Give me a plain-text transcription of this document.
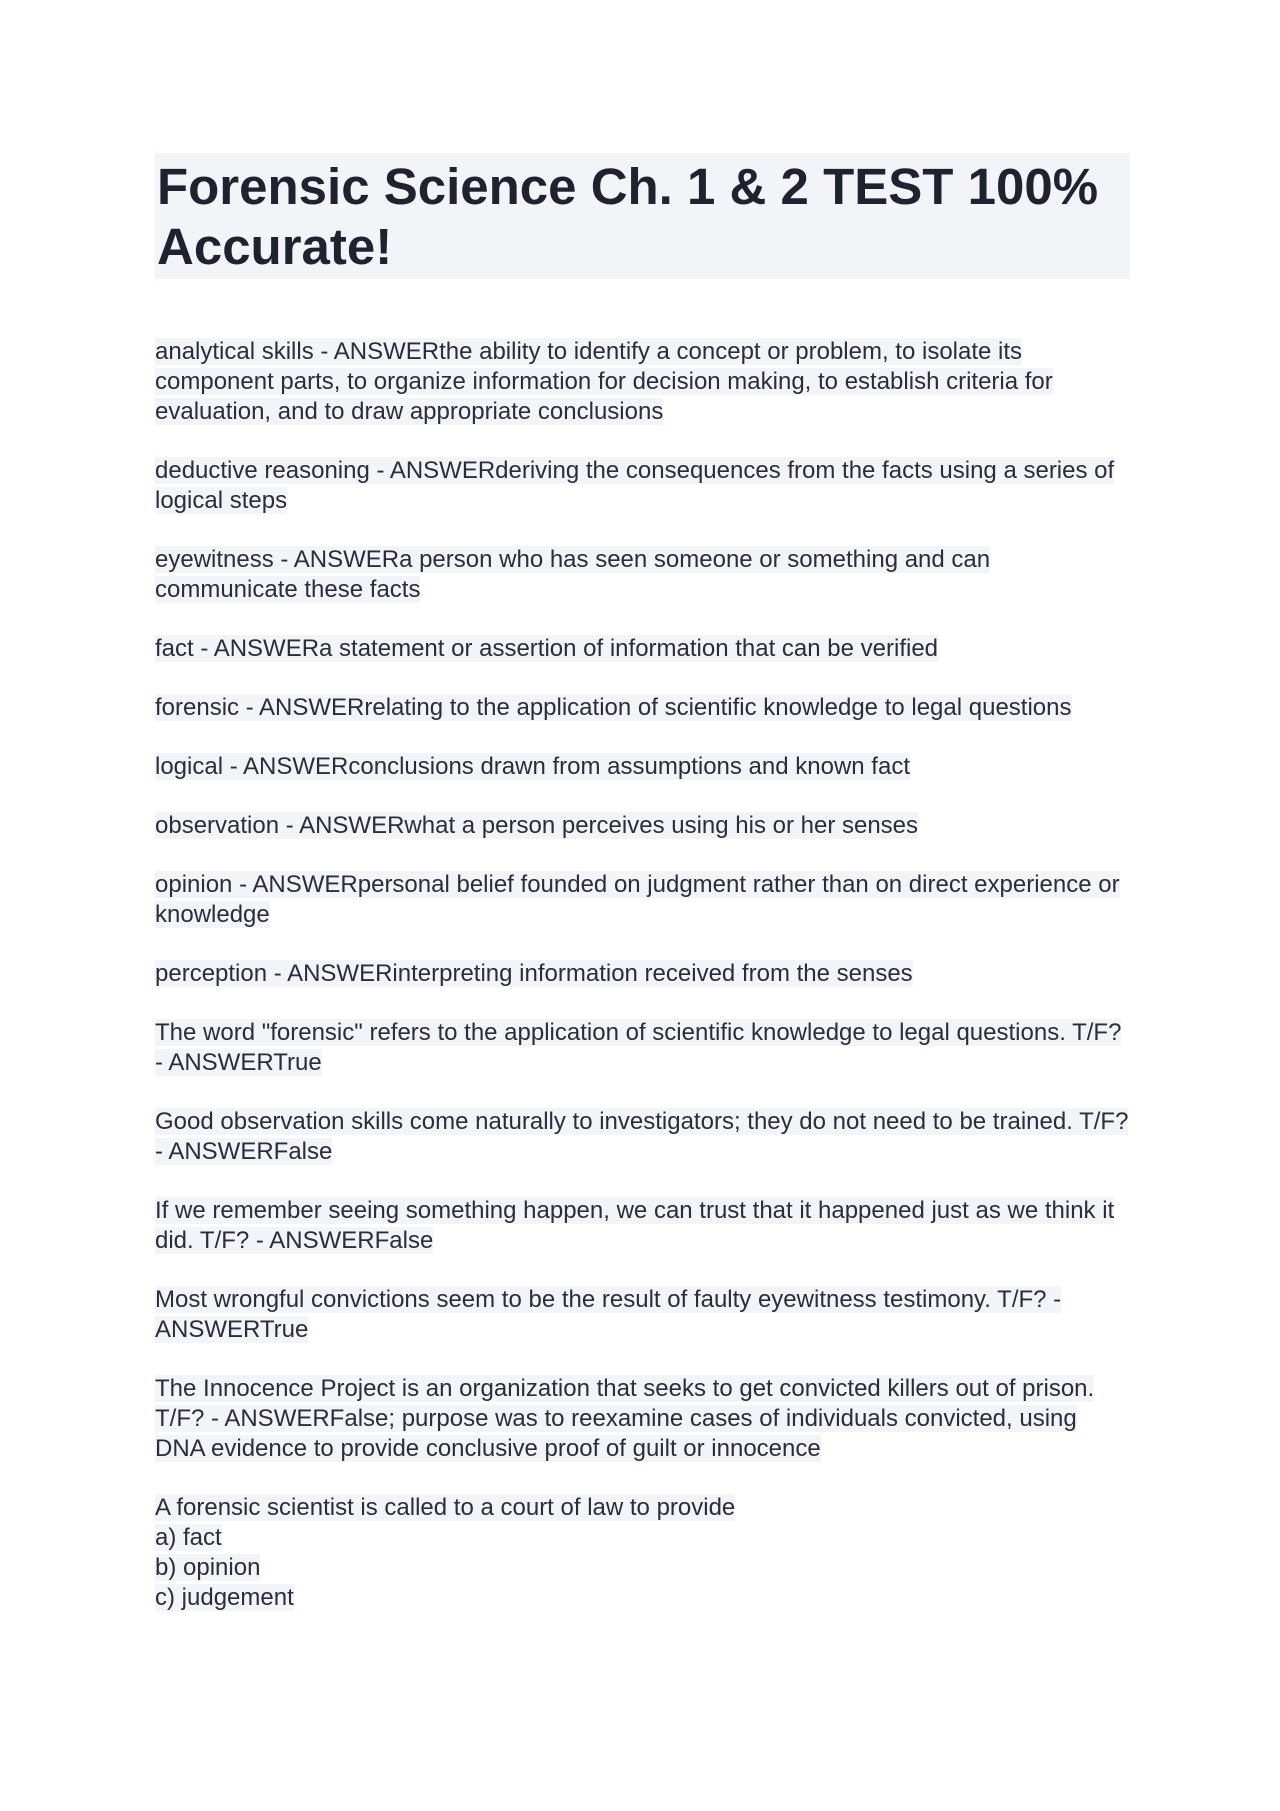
Forensic Science Ch. 1 & 2 TEST 100% Accurate!

analytical skills - ANSWERthe ability to identify a concept or problem, to isolate its component parts, to organize information for decision making, to establish criteria for evaluation, and to draw appropriate conclusions

deductive reasoning - ANSWERderiving the consequences from the facts using a series of logical steps

eyewitness - ANSWERa person who has seen someone or something and can communicate these facts

fact - ANSWERa statement or assertion of information that can be verified

forensic - ANSWERrelating to the application of scientific knowledge to legal questions

logical - ANSWERconclusions drawn from assumptions and known fact

observation - ANSWERwhat a person perceives using his or her senses

opinion - ANSWERpersonal belief founded on judgment rather than on direct experience or knowledge

perception - ANSWERinterpreting information received from the senses

The word "forensic" refers to the application of scientific knowledge to legal questions. T/F? - ANSWERTrue

Good observation skills come naturally to investigators; they do not need to be trained. T/F? - ANSWERFalse

If we remember seeing something happen, we can trust that it happened just as we think it did. T/F? - ANSWERFalse

Most wrongful convictions seem to be the result of faulty eyewitness testimony. T/F? - ANSWERTrue

The Innocence Project is an organization that seeks to get convicted killers out of prison. T/F? - ANSWERFalse; purpose was to reexamine cases of individuals convicted, using DNA evidence to provide conclusive proof of guilt or innocence

A forensic scientist is called to a court of law to provide
a) fact
b) opinion
c) judgement
